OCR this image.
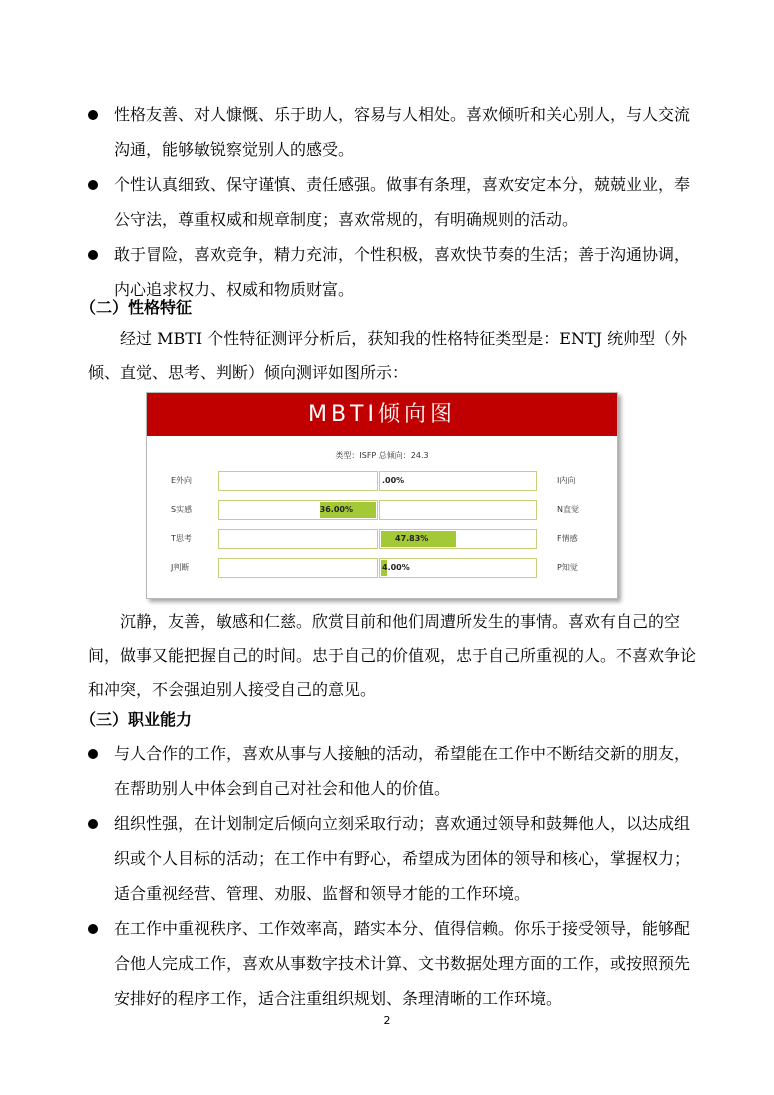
性格友善、对人慷慨、乐于助人，容易与人相处。喜欢倾听和关心别人，与人交流沟通，能够敏锐察觉别人的感受。
个性认真细致、保守谨慎、责任感强。做事有条理，喜欢安定本分，兢兢业业，奉公守法，尊重权威和规章制度；喜欢常规的，有明确规则的活动。
敢于冒险，喜欢竞争，精力充沛，个性积极，喜欢快节奏的生活；善于沟通协调，内心追求权力、权威和物质财富。
（二）性格特征

经过 MBTI 个性特征测评分析后，获知我的性格特征类型是：ENTJ 统帅型（外倾、直觉、思考、判断）倾向测评如图所示：

MBTI倾向图
类型：ISFP 总倾向：24.3
E外向	.00%	I内向
S实感	36.00%	N直觉
T思考	47.83%	F情感
J判断	4.00%	P知觉

沉静，友善，敏感和仁慈。欣赏目前和他们周遭所发生的事情。喜欢有自己的空间，做事又能把握自己的时间。忠于自己的价值观，忠于自己所重视的人。不喜欢争论和冲突，不会强迫别人接受自己的意见。

（三）职业能力
与人合作的工作，喜欢从事与人接触的活动，希望能在工作中不断结交新的朋友，在帮助别人中体会到自己对社会和他人的价值。
组织性强，在计划制定后倾向立刻采取行动；喜欢通过领导和鼓舞他人，以达成组织或个人目标的活动；在工作中有野心，希望成为团体的领导和核心，掌握权力；适合重视经营、管理、劝服、监督和领导才能的工作环境。
在工作中重视秩序、工作效率高，踏实本分、值得信赖。你乐于接受领导，能够配合他人完成工作，喜欢从事数字技术计算、文书数据处理方面的工作，或按照预先安排好的程序工作，适合注重组织规划、条理清晰的工作环境。
2
